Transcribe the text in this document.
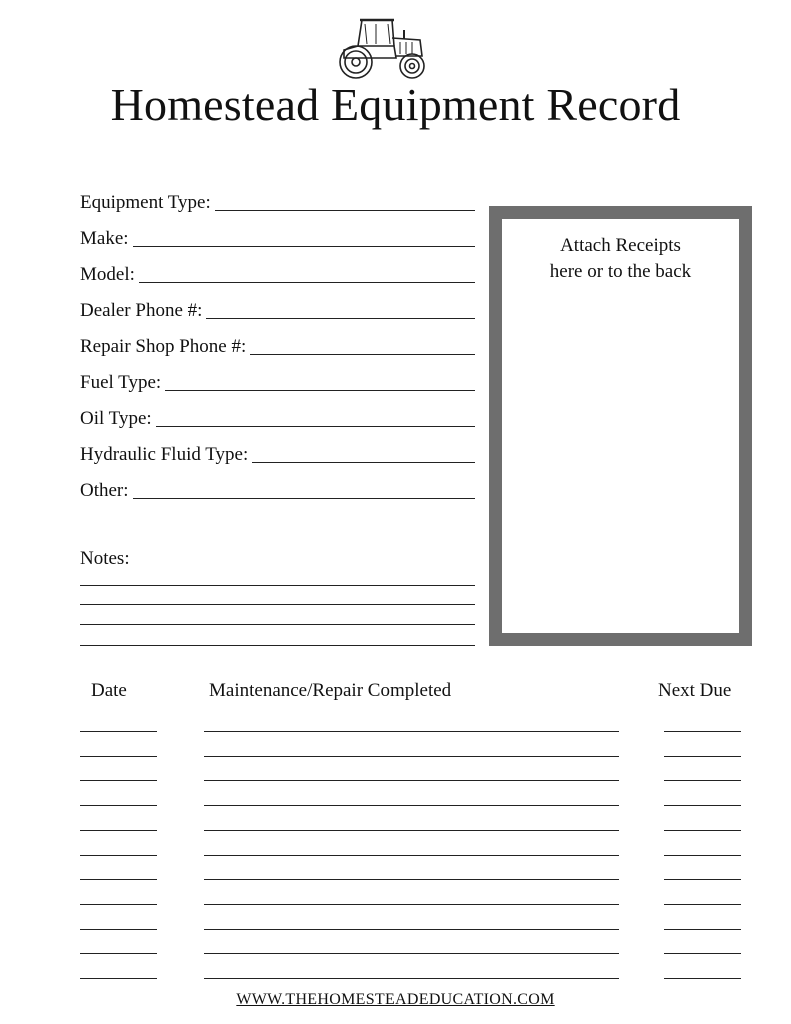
Homestead Equipment Record
Equipment Type:
Make:
Model:
Dealer Phone #:
Repair Shop Phone #:
Fuel Type:
Oil Type:
Hydraulic Fluid Type:
Other:
Notes:
Attach Receipts
here or to the back
Date	Maintenance/Repair Completed	Next Due
WWW.THEHOMESTEADEDUCATION.COM
